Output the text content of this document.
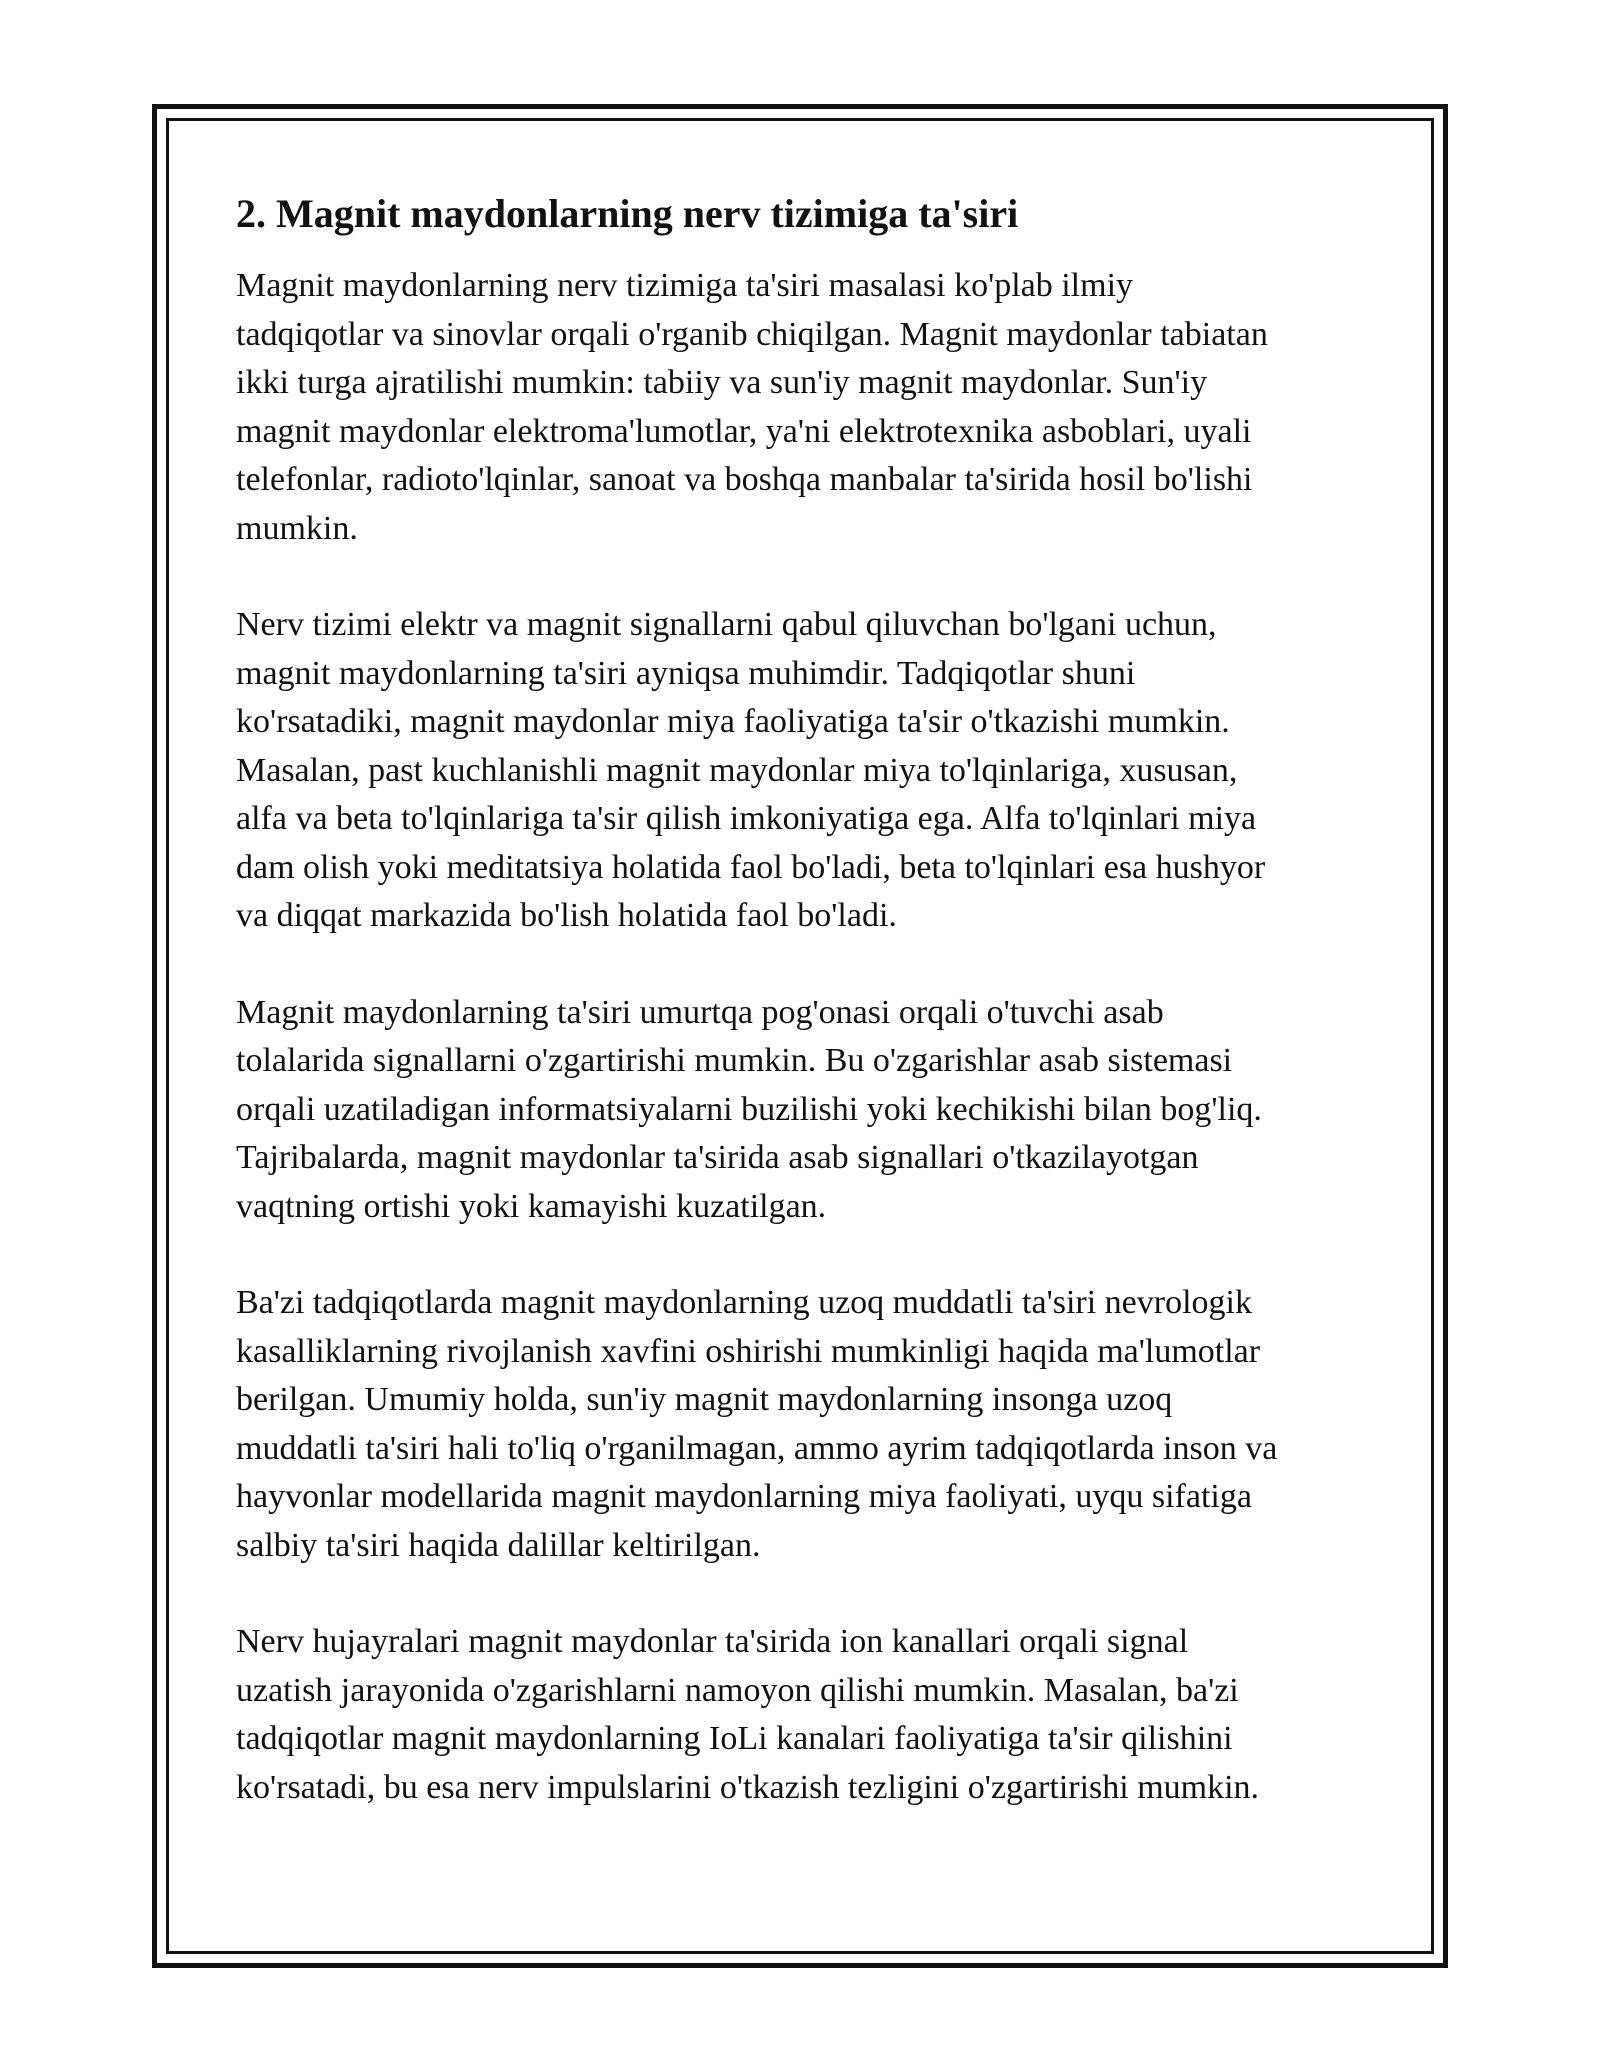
2. Magnit maydonlarning nerv tizimiga ta'siri

Magnit maydonlarning nerv tizimiga ta'siri masalasi ko'plab ilmiy
tadqiqotlar va sinovlar orqali o'rganib chiqilgan. Magnit maydonlar tabiatan
ikki turga ajratilishi mumkin: tabiiy va sun'iy magnit maydonlar. Sun'iy
magnit maydonlar elektroma'lumotlar, ya'ni elektrotexnika asboblari, uyali
telefonlar, radioto'lqinlar, sanoat va boshqa manbalar ta'sirida hosil bo'lishi
mumkin.

Nerv tizimi elektr va magnit signallarni qabul qiluvchan bo'lgani uchun,
magnit maydonlarning ta'siri ayniqsa muhimdir. Tadqiqotlar shuni
ko'rsatadiki, magnit maydonlar miya faoliyatiga ta'sir o'tkazishi mumkin.
Masalan, past kuchlanishli magnit maydonlar miya to'lqinlariga, xususan,
alfa va beta to'lqinlariga ta'sir qilish imkoniyatiga ega. Alfa to'lqinlari miya
dam olish yoki meditatsiya holatida faol bo'ladi, beta to'lqinlari esa hushyor
va diqqat markazida bo'lish holatida faol bo'ladi.

Magnit maydonlarning ta'siri umurtqa pog'onasi orqali o'tuvchi asab
tolalarida signallarni o'zgartirishi mumkin. Bu o'zgarishlar asab sistemasi
orqali uzatiladigan informatsiyalarni buzilishi yoki kechikishi bilan bog'liq.
Tajribalarda, magnit maydonlar ta'sirida asab signallari o'tkazilayotgan
vaqtning ortishi yoki kamayishi kuzatilgan.

Ba'zi tadqiqotlarda magnit maydonlarning uzoq muddatli ta'siri nevrologik
kasalliklarning rivojlanish xavfini oshirishi mumkinligi haqida ma'lumotlar
berilgan. Umumiy holda, sun'iy magnit maydonlarning insonga uzoq
muddatli ta'siri hali to'liq o'rganilmagan, ammo ayrim tadqiqotlarda inson va
hayvonlar modellarida magnit maydonlarning miya faoliyati, uyqu sifatiga
salbiy ta'siri haqida dalillar keltirilgan.

Nerv hujayralari magnit maydonlar ta'sirida ion kanallari orqali signal
uzatish jarayonida o'zgarishlarni namoyon qilishi mumkin. Masalan, ba'zi
tadqiqotlar magnit maydonlarning IoLi kanalari faoliyatiga ta'sir qilishini
ko'rsatadi, bu esa nerv impulslarini o'tkazish tezligini o'zgartirishi mumkin.
